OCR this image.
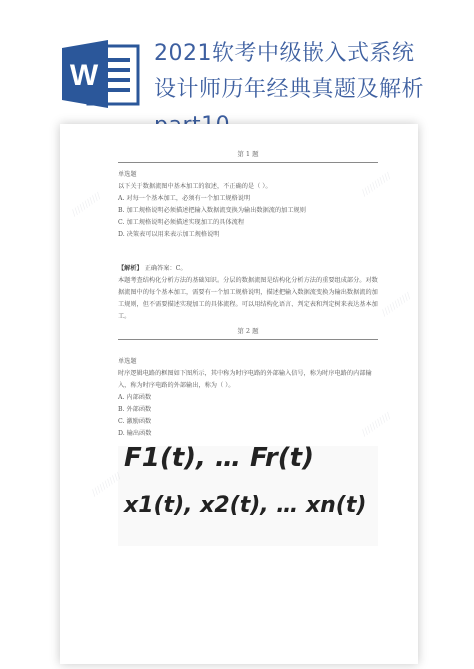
W
2021软考中级嵌入式系统
设计师历年经典真题及解析
第 1 题
单选题
以下关于数据流图中基本加工的叙述，不正确的是（ ）。
A. 对每一个基本加工，必须有一个加工规格说明
B. 加工规格说明必须描述把输入数据流变换为输出数据流的加工规则
C. 加工规格说明必须描述实现加工的具体流程
D. 决策表可以用来表示加工规格说明
【解析】 正确答案：C。
本题考查结构化分析方法的基础知识。分层的数据流图是结构化分析方法的重要组成部分。对数据流图中的每个基本加工，需要有一个加工规格说明，描述把输入数据流变换为输出数据流的加工规则，但不需要描述实现加工的具体流程。可以用结构化语言、判定表和判定树来表达基本加工。
第 2 题
单选题
时序逻辑电路的框图如下图所示，其中称为时序电路的外部输入信号，称为时序电路的内部输入，称为时序电路的外部输出，称为（ ）。
A. 内部函数
B. 外部函数
C. 激励函数
D. 输出函数
F1(t), … Fr(t)
x1(t), x2(t), … xn(t)
